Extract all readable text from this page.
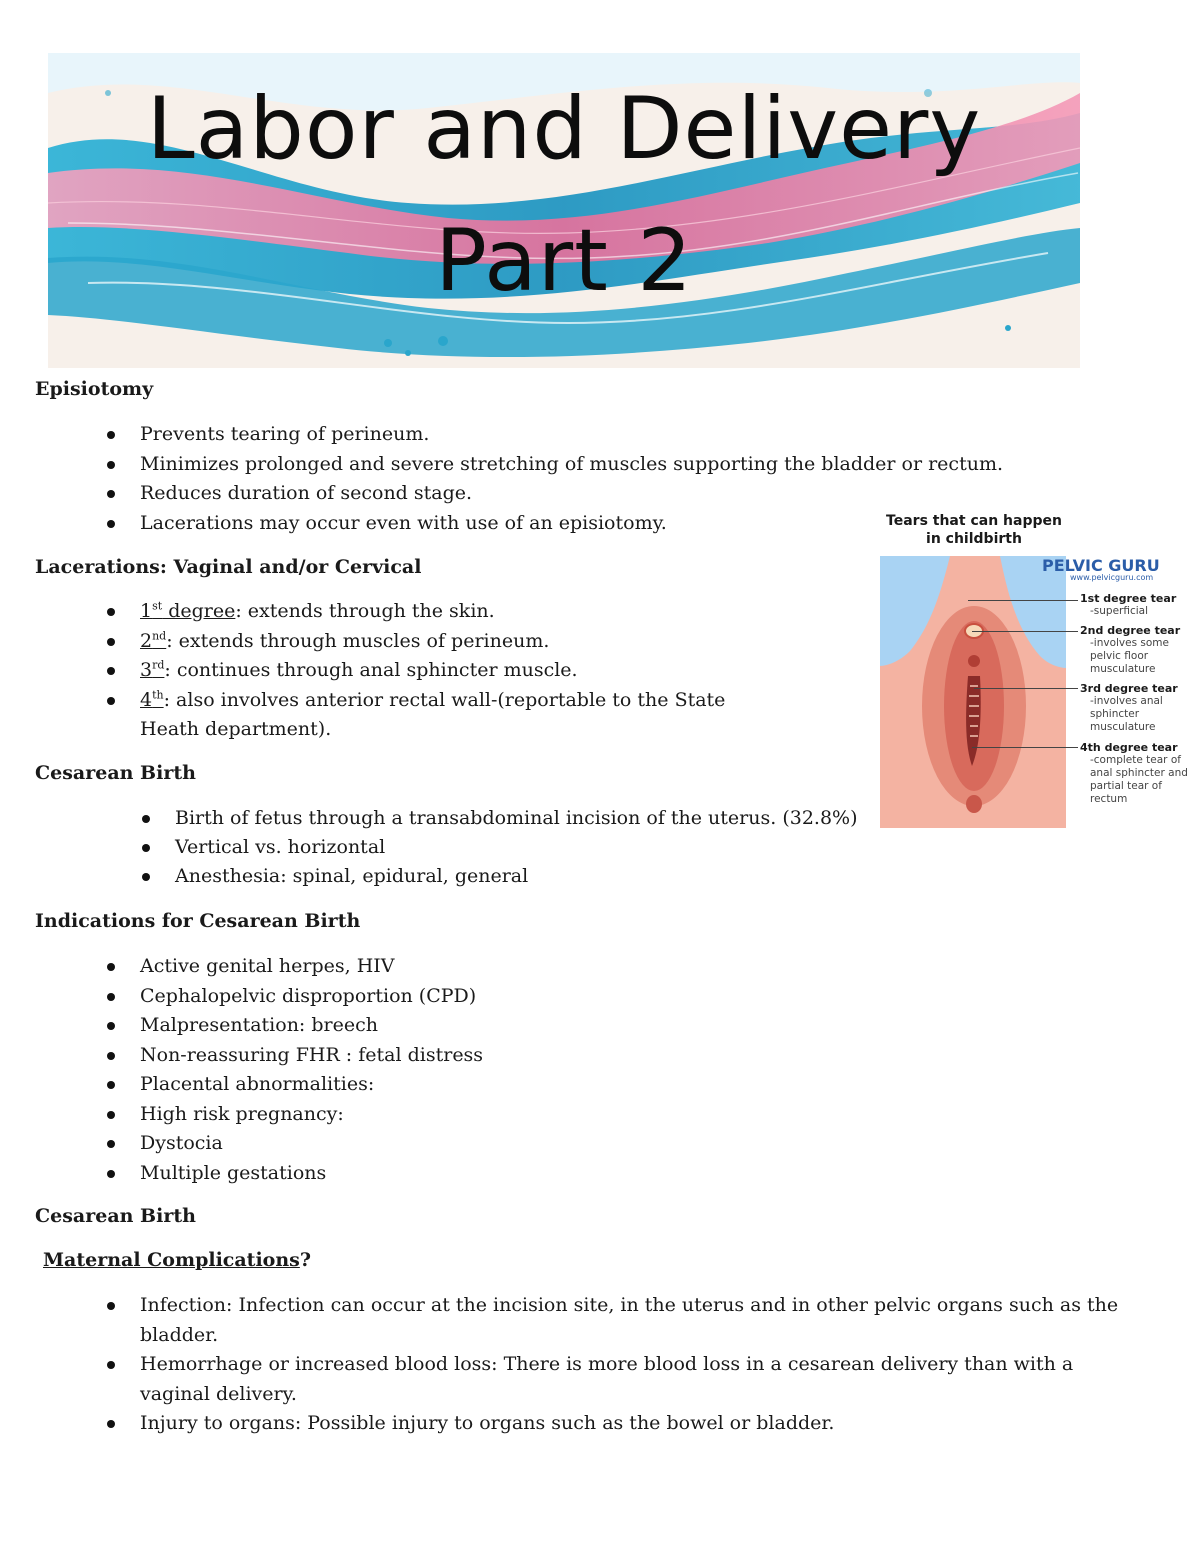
Labor and Delivery
Part 2

Episiotomy

Prevents tearing of perineum.
Minimizes prolonged and severe stretching of muscles supporting the bladder or rectum.
Reduces duration of second stage.
Lacerations may occur even with use of an episiotomy.

Lacerations: Vaginal and/or Cervical

1st degree: extends through the skin.
2nd: extends through muscles of perineum.
3rd: continues through anal sphincter muscle.
4th: also involves anterior rectal wall-(reportable to the State Heath department).

Cesarean Birth

Birth of fetus through a transabdominal incision of the uterus. (32.8%)
Vertical vs. horizontal
Anesthesia: spinal, epidural, general

Indications for Cesarean Birth

Active genital herpes, HIV
Cephalopelvic disproportion (CPD)
Malpresentation: breech
Non-reassuring FHR : fetal distress
Placental abnormalities:
High risk pregnancy:
Dystocia
Multiple gestations

Cesarean Birth

Maternal Complications?

Infection: Infection can occur at the incision site, in the uterus and in other pelvic organs such as the bladder.
Hemorrhage or increased blood loss: There is more blood loss in a cesarean delivery than with a vaginal delivery.
Injury to organs: Possible injury to organs such as the bowel or bladder.
Tears that can happen
in childbirth
PELVIC GURU
www.pelvicguru.com
1st degree tear
-superficial
2nd degree tear
-involves some pelvic floor musculature
3rd degree tear
-involves anal sphincter musculature
4th degree tear
-complete tear of anal sphincter and partial tear of rectum
